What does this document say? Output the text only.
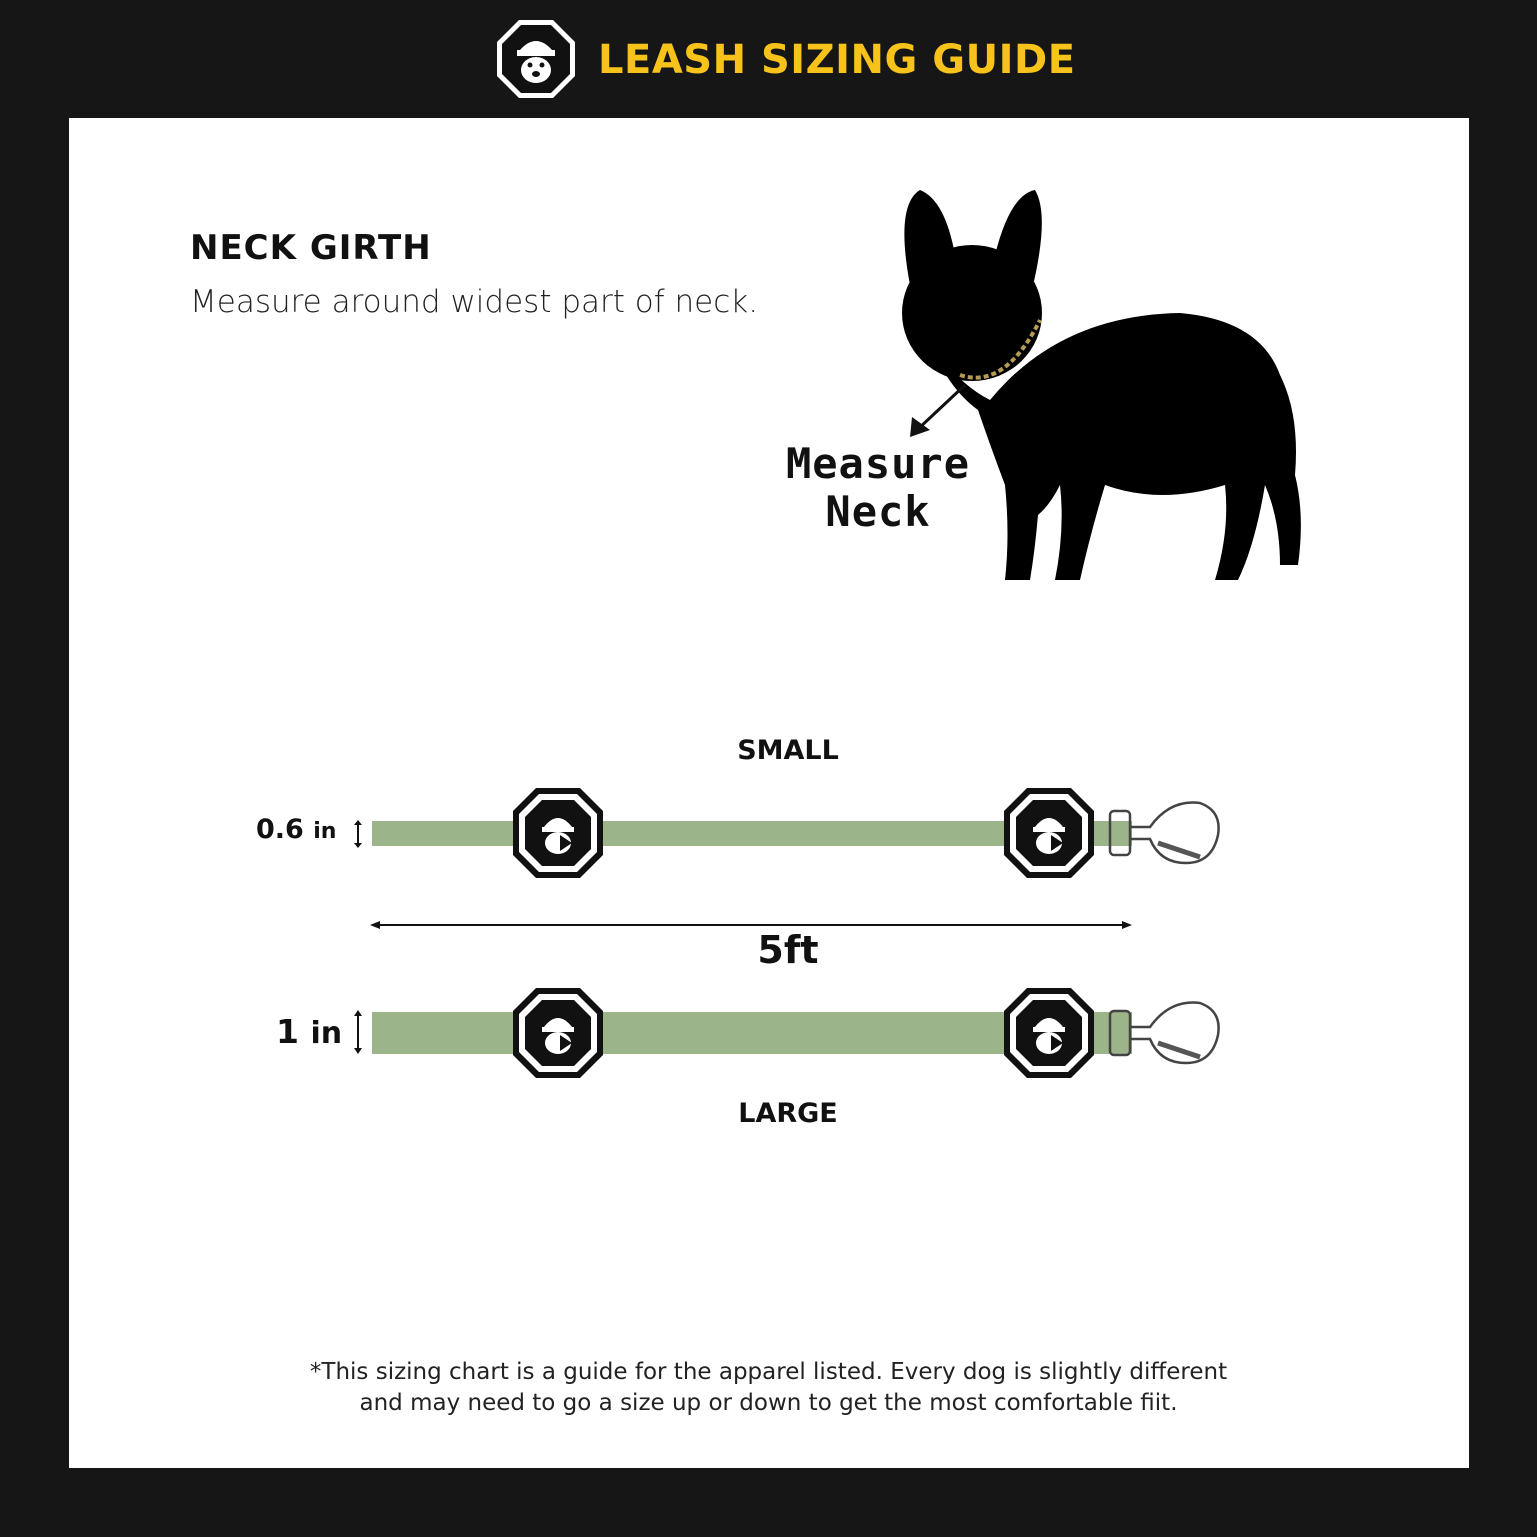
LEASH SIZING GUIDE
NECK GIRTH
Measure around widest part of neck.
Measure
Neck
SMALL
LARGE
0.6 in
1 in
5ft
*This sizing chart is a guide for the apparel listed. Every dog is slightly different
and may need to go a size up or down to get the most comfortable fiit.
